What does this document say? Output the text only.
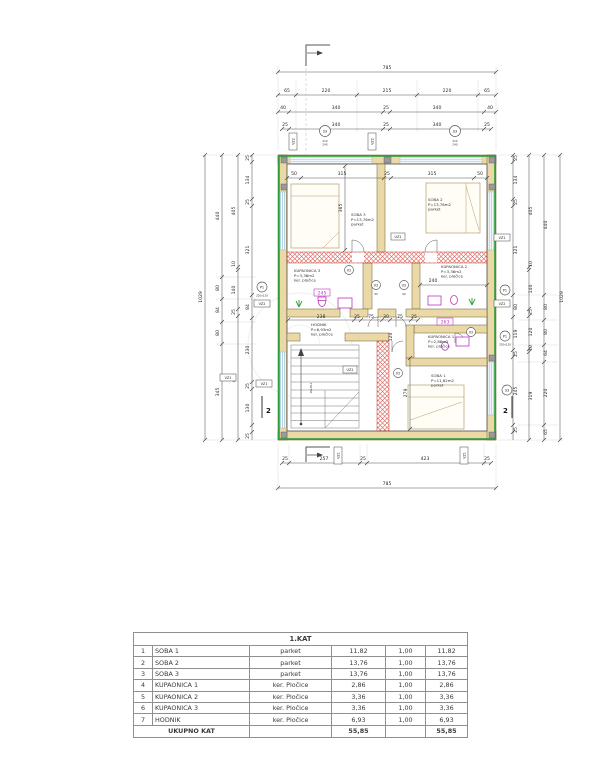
16x18,1
SOBA 3
P=13,76m2
parket
SOBA 2
P=13,76m2
parket
KUPAONICA 3
P=3,36m2
ker. pločice
KUPAONICA 2
P=3,36m2
ker. pločice
HODNIK
P=6,93m2
ker. pločice	KUPAONICA 1
P=2,86m2
ker. pločice
SOBA 1
P=11,82m2
parket
785
65	220	215	220	65
40	340	25	340	40
25	340	25	340	25
25	257	25	423	25
785
1029
440
80
84
80
345
405
10
140
25
25
134
25
321
84
230
25
130
25
1029
440
80
80
64
220
65
405
10
140
25
120
10
319
25
134
25
321
80
119
25
245
25
50	315	25	315	50
238	25 75 30 75 25
365
279
240
120
245
263
S3
210
240
S3
210
240
S3
VZ2	VZ2
VZ2	VZ2
VZ1	VZ1
VZ1
VZ1
VZ1
UZ1
UZ1
V2
V2
90
V2
90
V2
V2
P1
220x120
P1
P1
220x120
2	2
1.KAT					
1	SOBA 1	parket	11,82	1,00	11,82
2	SOBA 2	parket	13,76	1,00	13,76
3	SOBA 3	parket	13,76	1,00	13,76
4	KUPAONICA 1	ker. Pločice	2,86	1,00	2,86
5	KUPAONICA 2	ker. Pločice	3,36	1,00	3,36
6	KUPAONICA 3	ker. Pločice	3,36	1,00	3,36
7	HODNIK	ker. Pločice	6,93	1,00	6,93
UKUPNO KAT			55,85		55,85
